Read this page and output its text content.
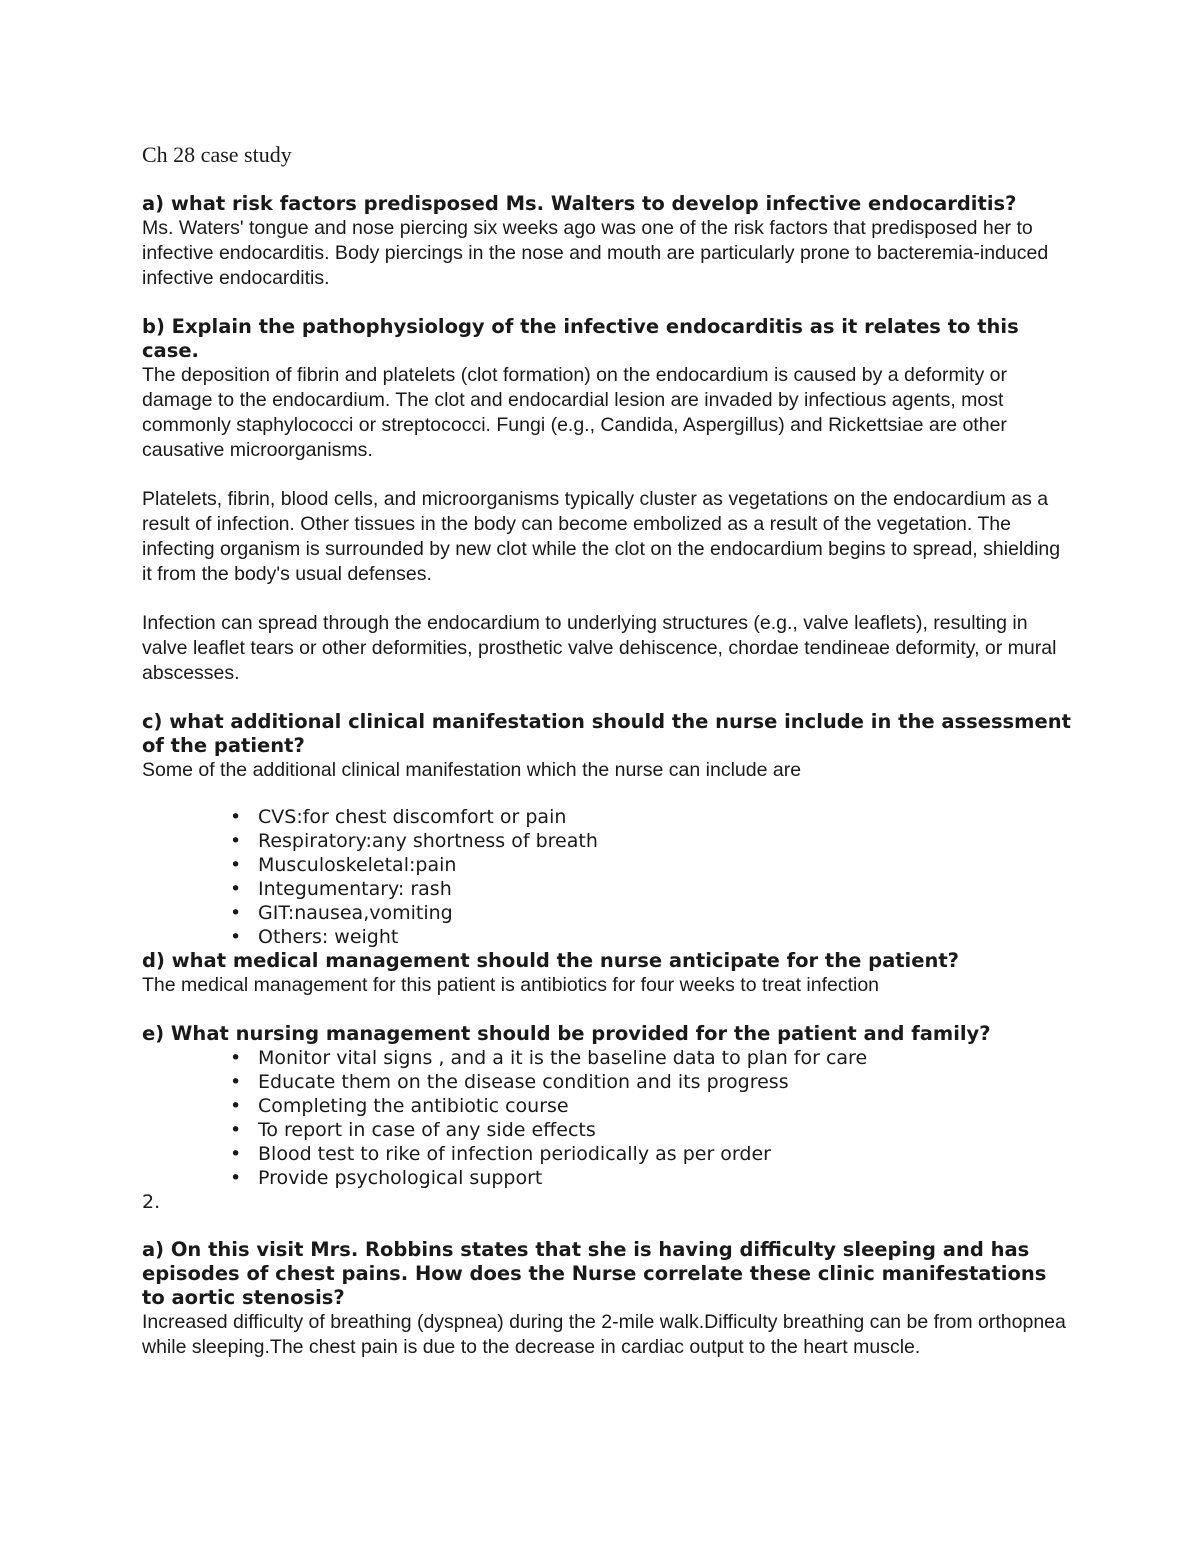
Ch 28 case study

a) what risk factors predisposed Ms. Walters to develop infective endocarditis?

Ms. Waters' tongue and nose piercing six weeks ago was one of the risk factors that predisposed her to infective endocarditis. Body piercings in the nose and mouth are particularly prone to bacteremia-induced infective endocarditis.

b) Explain the pathophysiology of the infective endocarditis as it relates to this case.

The deposition of fibrin and platelets (clot formation) on the endocardium is caused by a deformity or damage to the endocardium. The clot and endocardial lesion are invaded by infectious agents, most commonly staphylococci or streptococci. Fungi (e.g., Candida, Aspergillus) and Rickettsiae are other causative microorganisms.

Platelets, fibrin, blood cells, and microorganisms typically cluster as vegetations on the endocardium as a result of infection. Other tissues in the body can become embolized as a result of the vegetation. The infecting organism is surrounded by new clot while the clot on the endocardium begins to spread, shielding it from the body's usual defenses.

Infection can spread through the endocardium to underlying structures (e.g., valve leaflets), resulting in valve leaflet tears or other deformities, prosthetic valve dehiscence, chordae tendineae deformity, or mural abscesses.

c) what additional clinical manifestation should the nurse include in the assessment of the patient?

Some of the additional clinical manifestation which the nurse can include are

• CVS:for chest discomfort or pain
• Respiratory:any shortness of breath
• Musculoskeletal:pain
• Integumentary: rash
• GIT:nausea,vomiting
• Others: weight

d) what medical management should the nurse anticipate for the patient?

The medical management for this patient is antibiotics for four weeks to treat infection

e) What nursing management should be provided for the patient and family?

• Monitor vital signs , and a it is the baseline data to plan for care
• Educate them on the disease condition and its progress
• Completing the antibiotic course
• To report in case of any side effects
• Blood test to rike of infection periodically as per order
• Provide psychological support

2.

a) On this visit Mrs. Robbins states that she is having difficulty sleeping and has episodes of chest pains. How does the Nurse correlate these clinic manifestations to aortic stenosis?

Increased difficulty of breathing (dyspnea) during the 2-mile walk.Difficulty breathing can be from orthopnea while sleeping.The chest pain is due to the decrease in cardiac output to the heart muscle.
